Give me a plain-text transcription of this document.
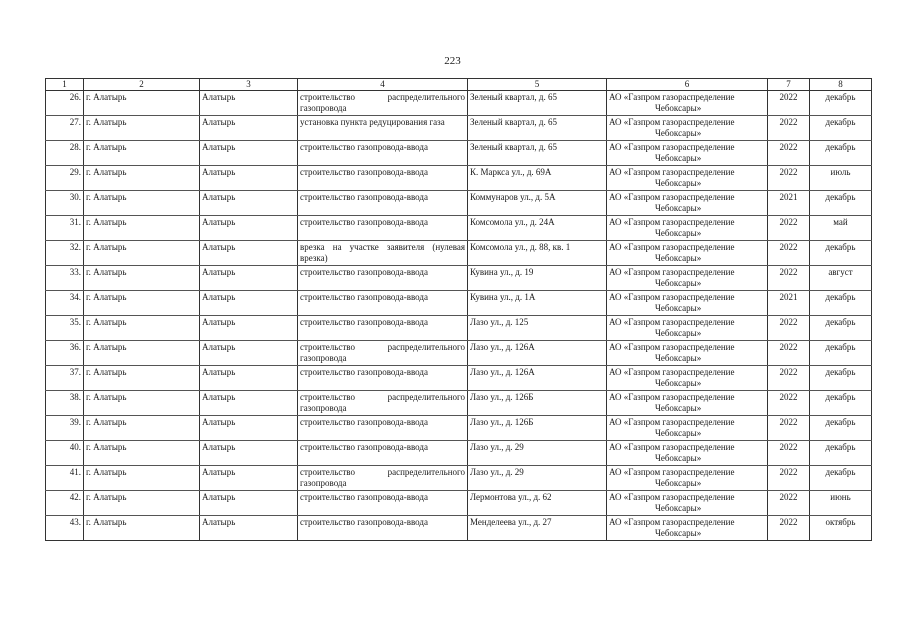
223
1	2	3	4	5	6	7	8
26.	г. Алатырь	Алатырь	строительство распределительного газопровода	Зеленый квартал, д. 65	АО «Газпром газораспределение
Чебоксары»	2022	декабрь
27.	г. Алатырь	Алатырь	установка пункта редуцирования газа	Зеленый квартал, д. 65	АО «Газпром газораспределение
Чебоксары»	2022	декабрь
28.	г. Алатырь	Алатырь	строительство газопровода-ввода	Зеленый квартал, д. 65	АО «Газпром газораспределение
Чебоксары»	2022	декабрь
29.	г. Алатырь	Алатырь	строительство газопровода-ввода	К. Маркса ул., д. 69А	АО «Газпром газораспределение
Чебоксары»	2022	июль
30.	г. Алатырь	Алатырь	строительство газопровода-ввода	Коммунаров ул., д. 5А	АО «Газпром газораспределение
Чебоксары»	2021	декабрь
31.	г. Алатырь	Алатырь	строительство газопровода-ввода	Комсомола ул., д. 24А	АО «Газпром газораспределение
Чебоксары»	2022	май
32.	г. Алатырь	Алатырь	врезка на участке заявителя (нулевая врезка)	Комсомола ул., д. 88, кв. 1	АО «Газпром газораспределение
Чебоксары»	2022	декабрь
33.	г. Алатырь	Алатырь	строительство газопровода-ввода	Кувина ул., д. 19	АО «Газпром газораспределение
Чебоксары»	2022	август
34.	г. Алатырь	Алатырь	строительство газопровода-ввода	Кувина ул., д. 1А	АО «Газпром газораспределение
Чебоксары»	2021	декабрь
35.	г. Алатырь	Алатырь	строительство газопровода-ввода	Лазо ул., д. 125	АО «Газпром газораспределение
Чебоксары»	2022	декабрь
36.	г. Алатырь	Алатырь	строительство распределительного газопровода	Лазо ул., д. 126А	АО «Газпром газораспределение
Чебоксары»	2022	декабрь
37.	г. Алатырь	Алатырь	строительство газопровода-ввода	Лазо ул., д. 126А	АО «Газпром газораспределение
Чебоксары»	2022	декабрь
38.	г. Алатырь	Алатырь	строительство распределительного газопровода	Лазо ул., д. 126Б	АО «Газпром газораспределение
Чебоксары»	2022	декабрь
39.	г. Алатырь	Алатырь	строительство газопровода-ввода	Лазо ул., д. 126Б	АО «Газпром газораспределение
Чебоксары»	2022	декабрь
40.	г. Алатырь	Алатырь	строительство газопровода-ввода	Лазо ул., д. 29	АО «Газпром газораспределение
Чебоксары»	2022	декабрь
41.	г. Алатырь	Алатырь	строительство распределительного газопровода	Лазо ул., д. 29	АО «Газпром газораспределение
Чебоксары»	2022	декабрь
42.	г. Алатырь	Алатырь	строительство газопровода-ввода	Лермонтова ул., д. 62	АО «Газпром газораспределение
Чебоксары»	2022	июнь
43.	г. Алатырь	Алатырь	строительство газопровода-ввода	Менделеева ул., д. 27	АО «Газпром газораспределение
Чебоксары»	2022	октябрь
